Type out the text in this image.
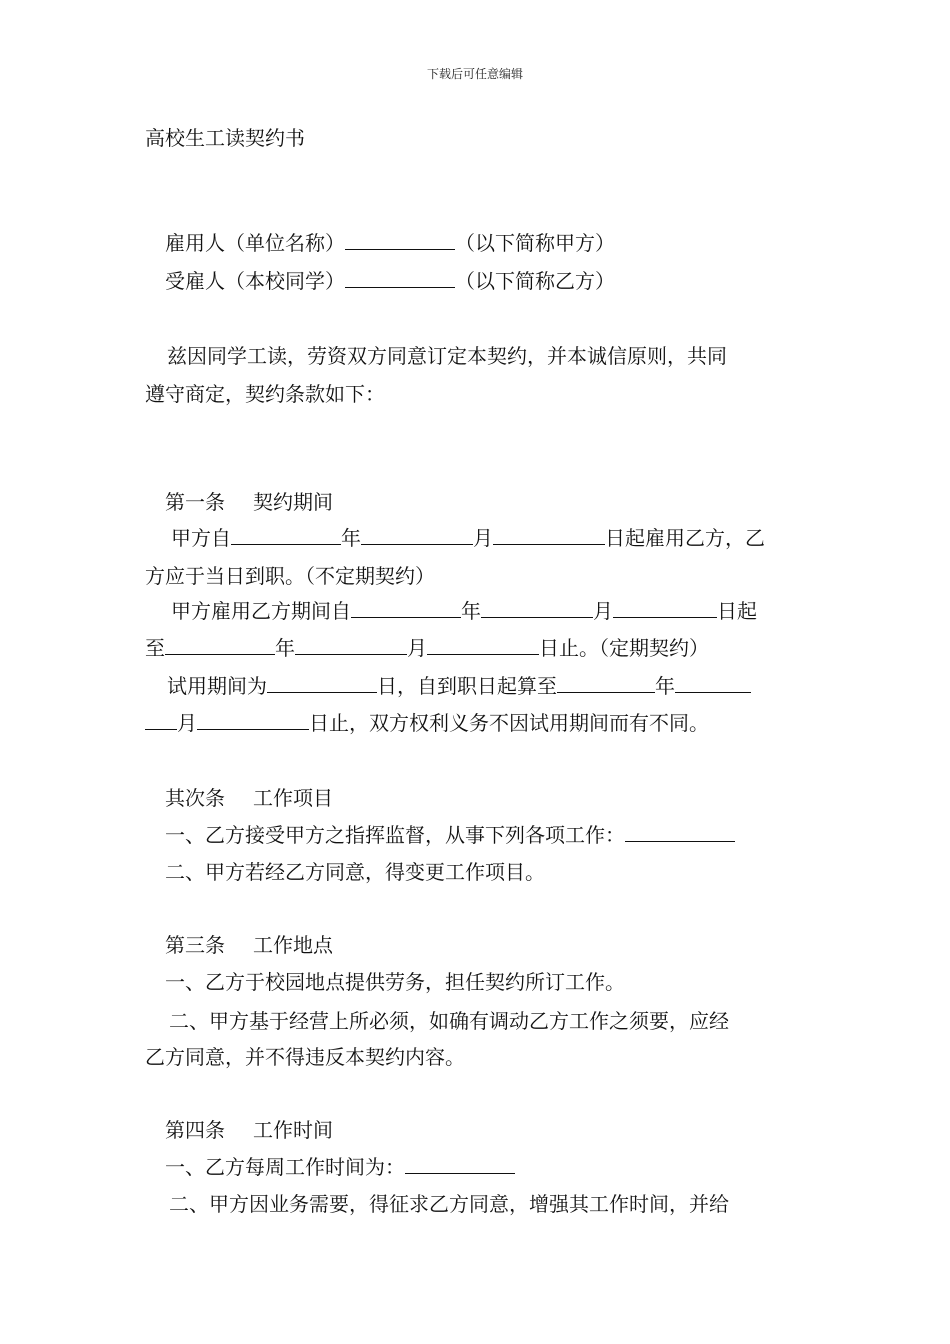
下载后可任意编辑
高校生工读契约书
雇用人（单位名称）	（以下简称甲方）
受雇人（本校同学）	（以下简称乙方）
兹因同学工读，劳资双方同意订定本契约，并本诚信原则，共同
遵守商定，契约条款如下：
第一条 契约期间
甲方自	年	月	日起雇用乙方，乙
方应于当日到职。（不定期契约）
甲方雇用乙方期间自	年	月	日起
至	年	月	日止。（定期契约）
试用期间为	日，自到职日起算至	年
月	日止，双方权利义务不因试用期间而有不同。
其次条 工作项目
一、乙方接受甲方之指挥监督，从事下列各项工作：
二、甲方若经乙方同意，得变更工作项目。
第三条 工作地点
一、乙方于校园地点提供劳务，担任契约所订工作。
二、甲方基于经营上所必须，如确有调动乙方工作之须要，应经
乙方同意，并不得违反本契约内容。
第四条 工作时间
一、乙方每周工作时间为：
二、甲方因业务需要，得征求乙方同意，增强其工作时间，并给
